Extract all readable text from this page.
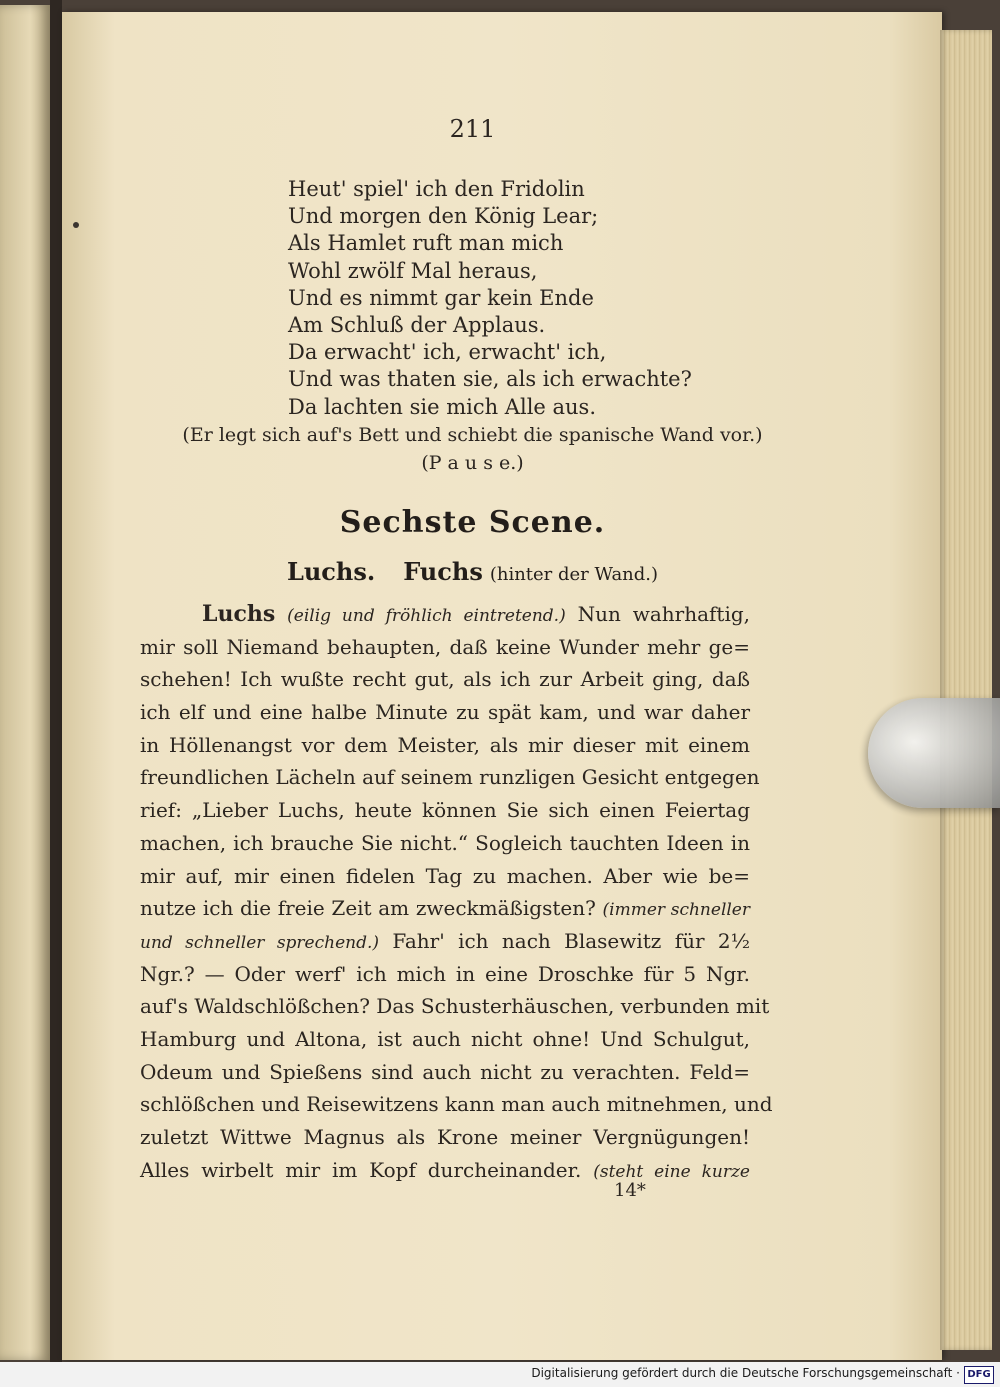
211
Heut' spiel' ich den Fridolin
Und morgen den König Lear;
Als Hamlet ruft man mich
Wohl zwölf Mal heraus,
Und es nimmt gar kein Ende
Am Schluß der Applaus.
Da erwacht' ich, erwacht' ich,
Und was thaten sie, als ich erwachte?
Da lachten sie mich Alle aus.
(Er legt sich auf's Bett und schiebt die spanische Wand vor.)
(P a u s e.)
Sechste Scene.
Luchs. Fuchs (hinter der Wand.)
Luchs (eilig und fröhlich eintretend.) Nun wahrhaftig,
mir soll Niemand behaupten, daß keine Wunder mehr ge=
schehen! Ich wußte recht gut, als ich zur Arbeit ging, daß
ich elf und eine halbe Minute zu spät kam, und war daher
in Höllenangst vor dem Meister, als mir dieser mit einem
freundlichen Lächeln auf seinem runzligen Gesicht entgegen
rief: „Lieber Luchs, heute können Sie sich einen Feiertag
machen, ich brauche Sie nicht.“ Sogleich tauchten Ideen in
mir auf, mir einen fidelen Tag zu machen. Aber wie be=
nutze ich die freie Zeit am zweckmäßigsten? (immer schneller
und schneller sprechend.) Fahr' ich nach Blasewitz für 2½
Ngr.? — Oder werf' ich mich in eine Droschke für 5 Ngr.
auf's Waldschlößchen? Das Schusterhäuschen, verbunden mit
Hamburg und Altona, ist auch nicht ohne! Und Schulgut,
Odeum und Spießens sind auch nicht zu verachten. Feld=
schlößchen und Reisewitzens kann man auch mitnehmen, und
zuletzt Wittwe Magnus als Krone meiner Vergnügungen!
Alles wirbelt mir im Kopf durcheinander. (steht eine kurze
14*
Digitalisierung gefördert durch die Deutsche Forschungsgemeinschaft · DFG
